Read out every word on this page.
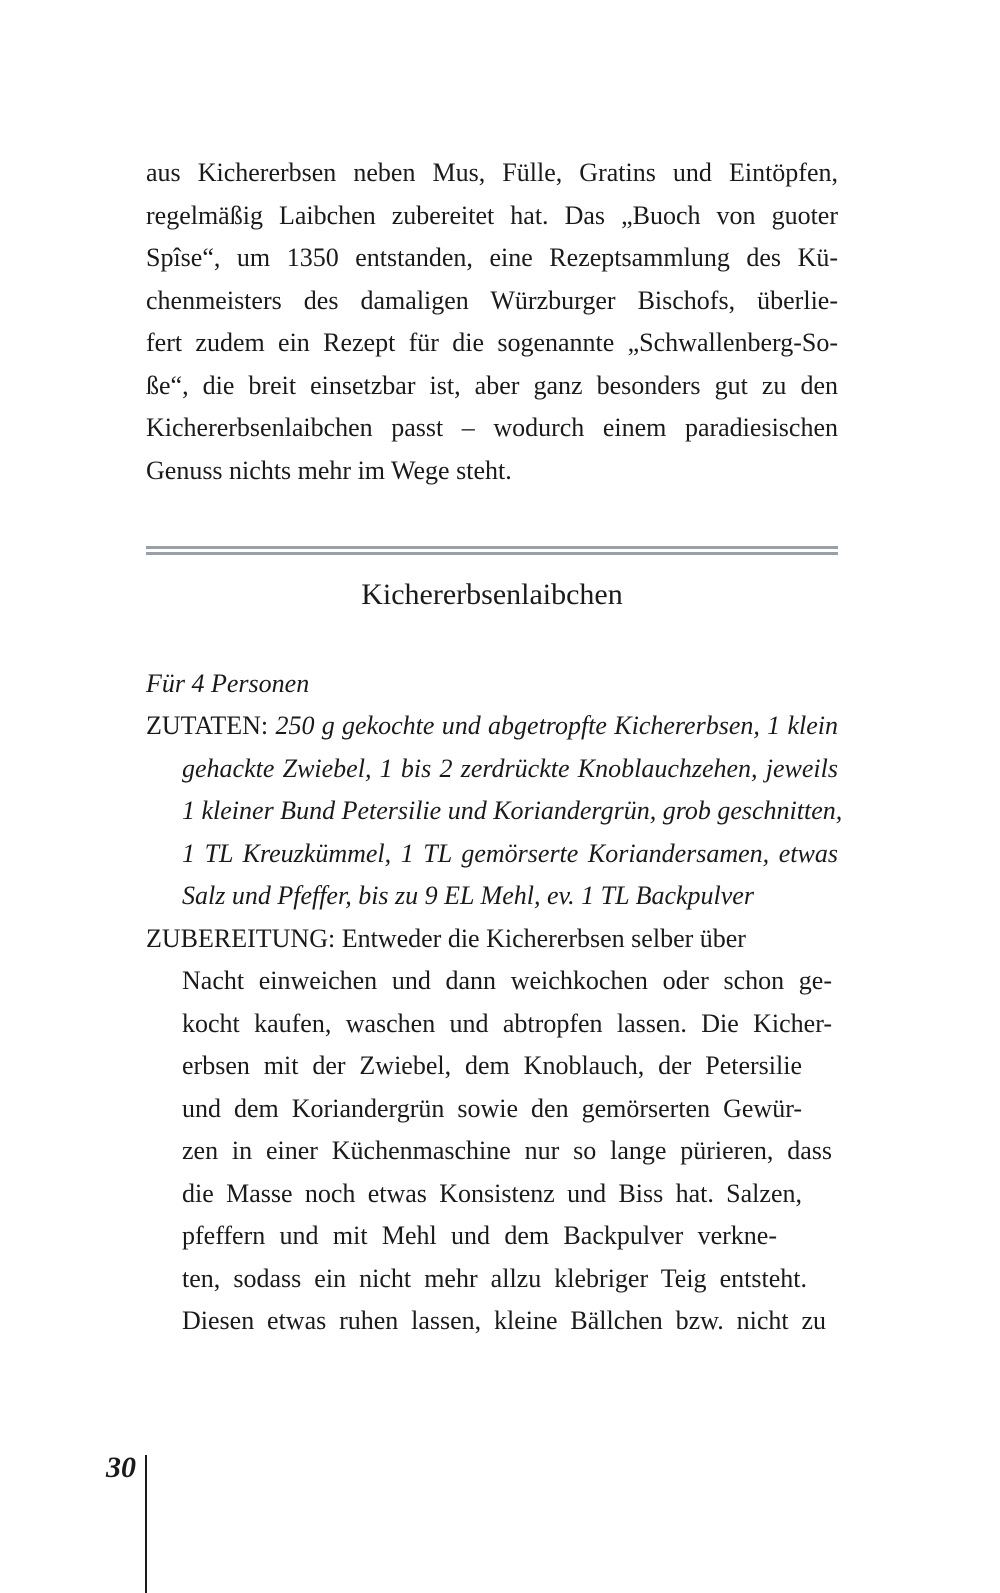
aus Kichererbsen neben Mus, Fülle, Gratins und Eintöpfen,
regelmäßig Laibchen zubereitet hat. Das „Buoch von guoter
Spîse“, um 1350 entstanden, eine Rezeptsammlung des Kü-
chenmeisters des damaligen Würzburger Bischofs, überlie-
fert zudem ein Rezept für die sogenannte „Schwallenberg-So-
ße“, die breit einsetzbar ist, aber ganz besonders gut zu den
Kichererbsenlaibchen passt – wodurch einem paradiesischen
Genuss nichts mehr im Wege steht.
Kichererbsenlaibchen
Für 4 Personen
ZUTATEN: 250 g gekochte und abgetropfte Kichererbsen, 1 klein
gehackte Zwiebel, 1 bis 2 zerdrückte Knoblauchzehen, jeweils
1 kleiner Bund Petersilie und Koriandergrün, grob geschnitten,
1 TL Kreuzkümmel, 1 TL gemörserte Koriandersamen, etwas
Salz und Pfeffer, bis zu 9 EL Mehl, ev. 1 TL Backpulver
ZUBEREITUNG: Entweder die Kichererbsen selber über
Nacht einweichen und dann weichkochen oder schon ge-
kocht kaufen, waschen und abtropfen lassen. Die Kicher-
erbsen mit der Zwiebel, dem Knoblauch, der Petersilie
und dem Koriandergrün sowie den gemörserten Gewür-
zen in einer Küchenmaschine nur so lange pürieren, dass
die Masse noch etwas Konsistenz und Biss hat. Salzen,
pfeffern und mit Mehl und dem Backpulver verkne-
ten, sodass ein nicht mehr allzu klebriger Teig entsteht.
Diesen etwas ruhen lassen, kleine Bällchen bzw. nicht zu
30
